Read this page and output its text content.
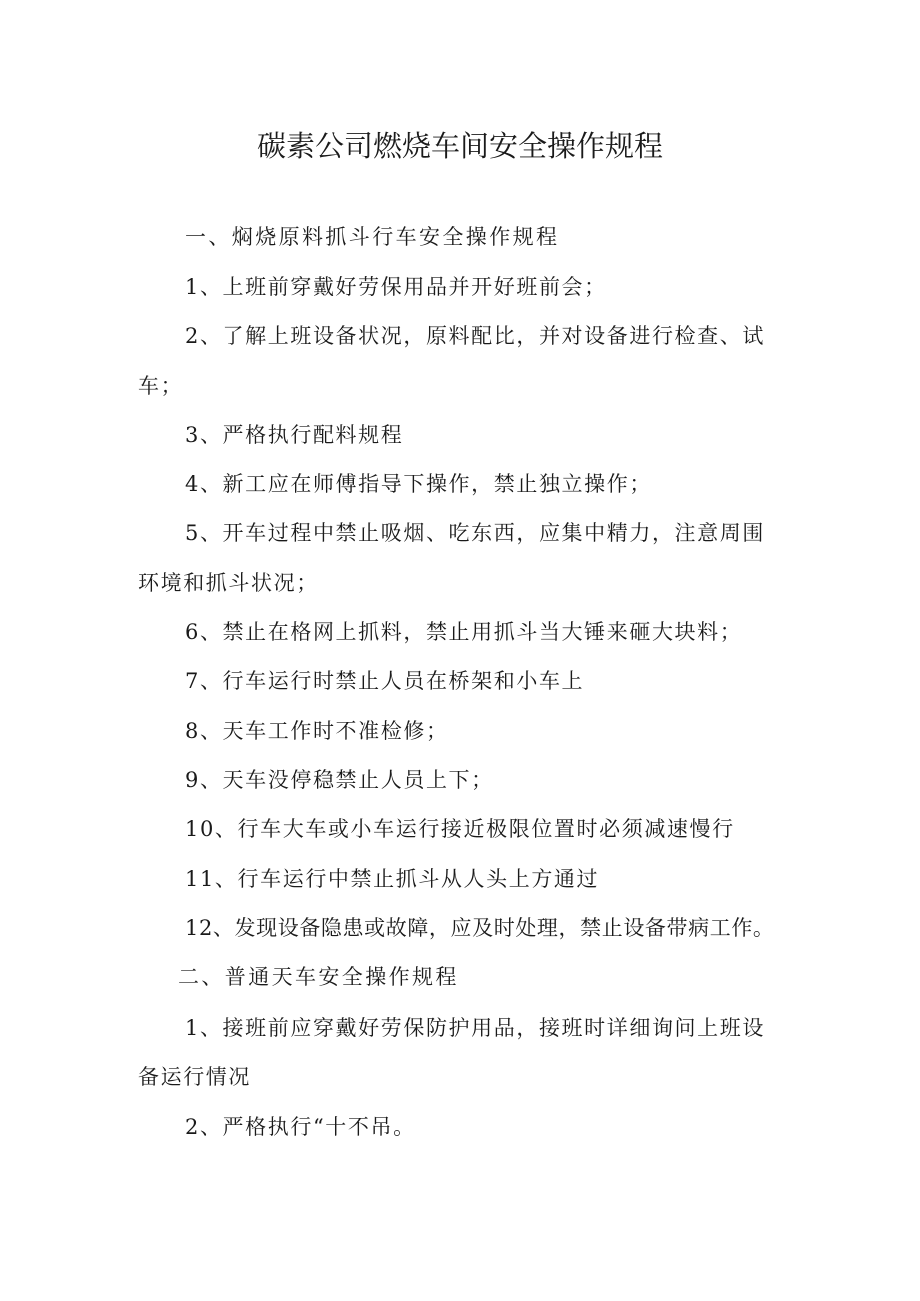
碳素公司燃烧车间安全操作规程

一、焖烧原料抓斗行车安全操作规程

1、上班前穿戴好劳保用品并开好班前会；

2、了解上班设备状况，原料配比，并对设备进行检查、试

车；

3、严格执行配料规程

4、新工应在师傅指导下操作，禁止独立操作；

5、开车过程中禁止吸烟、吃东西，应集中精力，注意周围

环境和抓斗状况；

6、禁止在格网上抓料，禁止用抓斗当大锤来砸大块料；

7、行车运行时禁止人员在桥架和小车上

8、天车工作时不准检修；

9、天车没停稳禁止人员上下；

10、行车大车或小车运行接近极限位置时必须减速慢行

11、行车运行中禁止抓斗从人头上方通过

12、发现设备隐患或故障，应及时处理，禁止设备带病工作。

二、普通天车安全操作规程

1、接班前应穿戴好劳保防护用品，接班时详细询问上班设

备运行情况

2、严格执行“十不吊。
